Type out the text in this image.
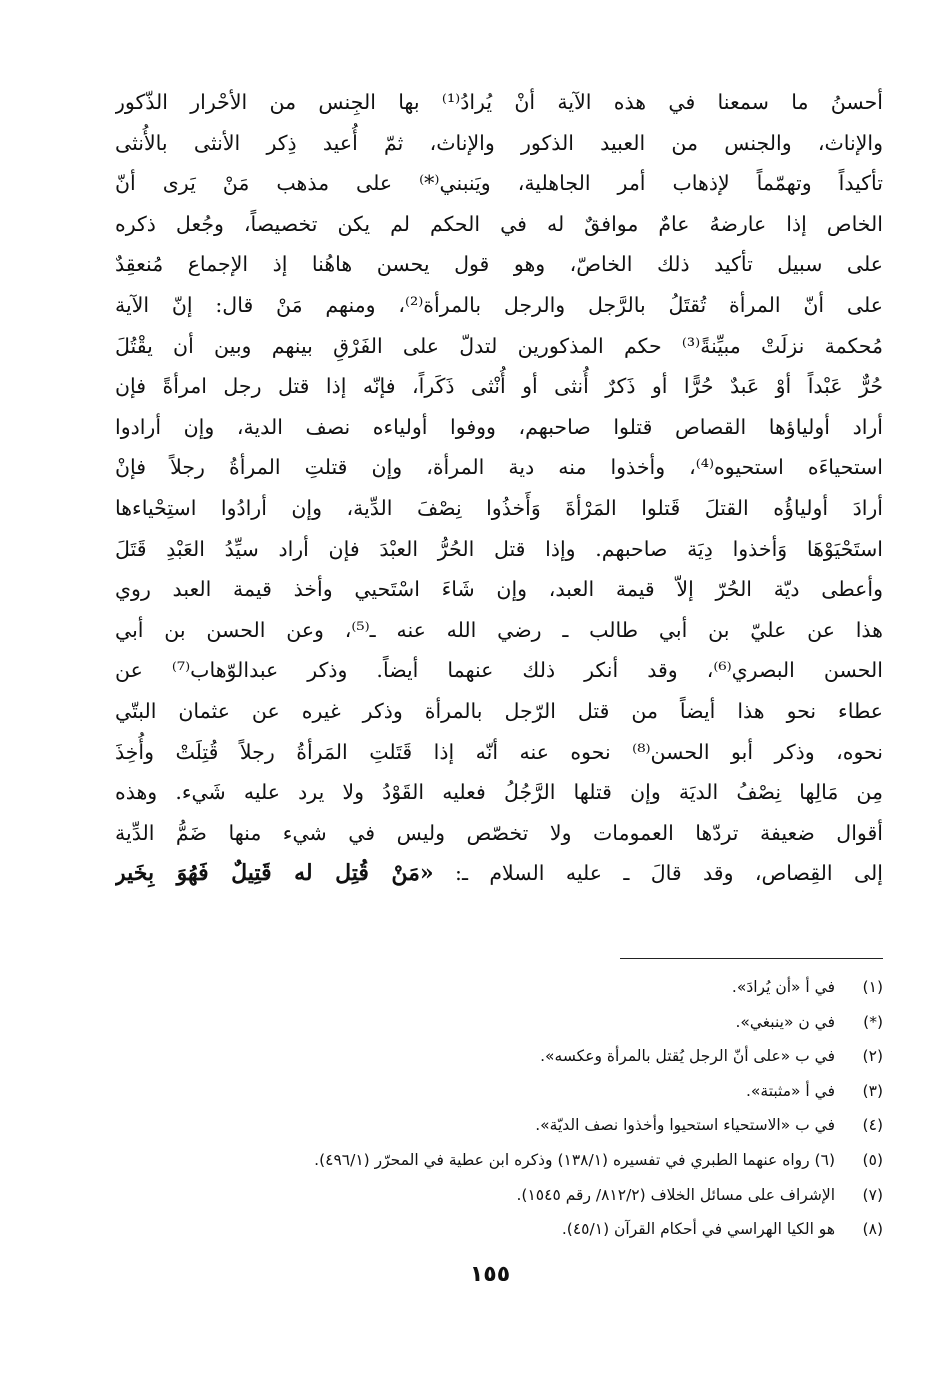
أحسنُ ما سمعنا في هذه الآية أنْ يُرادُ⁽¹⁾ بها الجِنس من الأحْرار الذّكور
والإناث، والجنس من العبيد الذكور والإناث، ثمّ أُعيد ذِكر الأنثى بالأُنثى
تأكيداً وتهمّماً لإذهاب أمر الجاهلية، ويَنبني⁽*⁾ على مذهب مَنْ يَرى أنّ
الخاص إذا عارضهُ عامٌ موافقٌ له في الحكم لم يكن تخصيصاً، وجُعل ذكره
على سبيل تأكيد ذلك الخاصّ، وهو قول يحسن هاهُنا إذ الإجماع مُنعقِدٌ
على أنّ المرأة تُقتَلُ بالرَّجل والرجل بالمرأة⁽²⁾، ومنهم مَنْ قال: إنّ الآية
مُحكمة نزلَتْ مبيِّنةً⁽³⁾ حكم المذكورين لتدلّ على الفَرْقِ بينهم وبين أن يقْتُلَ
حُرٌّ عَبْداً أوْ عَبدٌ حُرًّا أو ذَكرٌ أُنثى أو أُنْثى ذَكَراً، فإنّه إذا قتل رجل امرأةً فإن
أراد أولياؤها القصاص قتلوا صاحبهم، ووفوا أولياءه نصف الدية، وإن أرادوا
استحياءَه استحيوه⁽⁴⁾، وأخذوا منه دية المرأة، وإن قتلتِ المرأةُ رجلاً فإنْ
أرادَ أولياؤُه القتلَ قَتلوا المَرْأةَ وَأَخذُوا نِصْفَ الدِّية، وإن أرادُوا استِحْياءها
استَحْيَوْهَا وَأخذوا دِيَة صاحبهم. وإذا قتل الحُرُّ العبْدَ فإن أراد سيِّدُ العَبْدِ قَتَلَ
وأعطى ديّة الحُرّ إلاّ قيمة العبد، وإن شَاءَ اسْتَحيي وأخذ قيمة العبد روي
هذا عن عليّ بن أبي طالب ـ رضي الله عنه ـ⁽⁵⁾، وعن الحسن بن أبي
الحسن البصري⁽⁶⁾، وقد أنكر ذلك عنهما أيضاً. وذكر عبدالوّهاب⁽⁷⁾ عن
عطاء نحو هذا أيضاً من قتل الرّجل بالمرأة وذكر غيره عن عثمان البتّي
نحوه، وذكر أبو الحسن⁽⁸⁾ نحوه عنه أنّه إذا قَتَلتِ المَرأةُ رجلاً قُتِلَتْ وأُخِذَ
مِن مَالِها نِصْفُ الديَة وإن قتلها الرَّجُلُ فعليه القَوْدُ ولا يرد عليه شَيء. وهذه
أقوال ضعيفة تردّها العمومات ولا تخصّص وليس في شيء منها ضَمُّ الدِّية
إلى القِصاص، وقد قالَ ـ عليه السلام ـ: «مَنْ قُتِل له قَتِيلٌ فَهُوَ بِخَير
(١)
في أ «أن يُرادَ».
(*)
في ن «ينبغي».
(٢)
في ب «على أنّ الرجل يُقتل بالمرأة وعكسه».
(٣)
في أ «مثبتة».
(٤)
في ب «الاستحياء استحيوا وأخذوا نصف الديّة».
(٥)
(٦) رواه عنهما الطبري في تفسيره (١٣٨/١) وذكره ابن عطية في المحرّر (٤٩٦/١).
(٧)
الإشراف على مسائل الخلاف (٨١٢/٢/ رقم ١٥٤٥).
(٨)
هو الكيا الهراسي في أحكام القرآن (٤٥/١).
١٥٥
